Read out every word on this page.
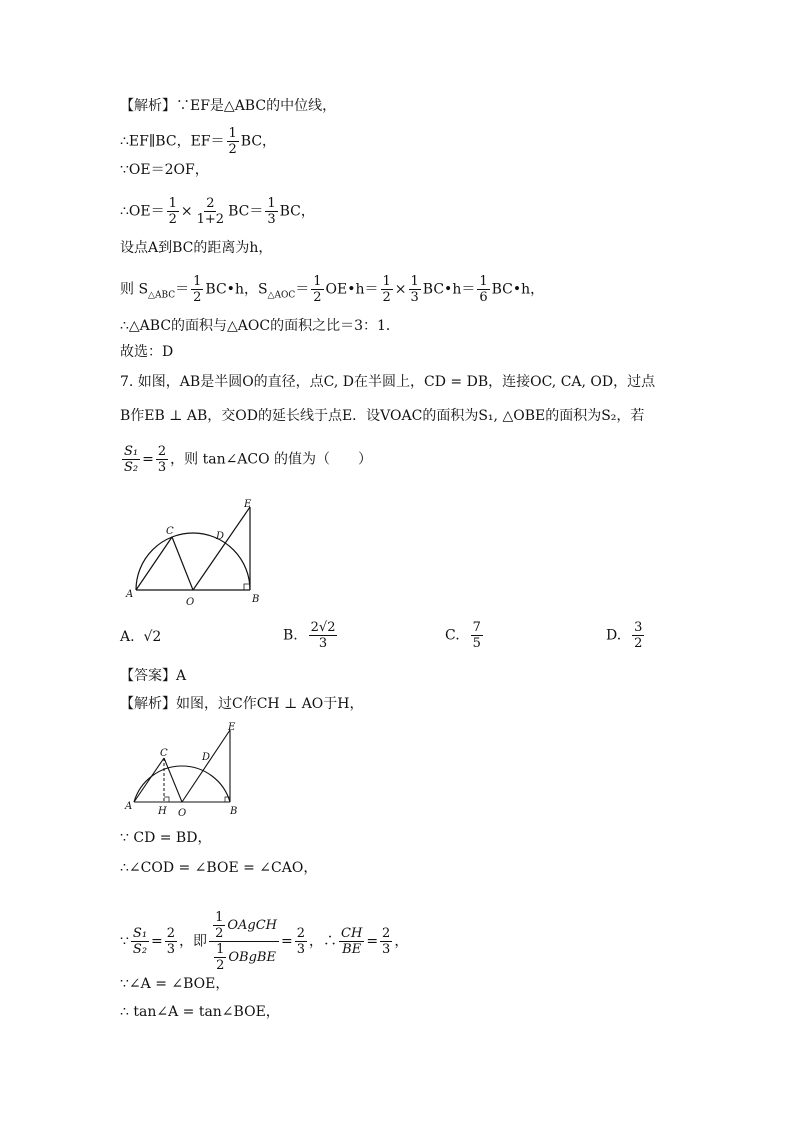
【解析】∵EF是△ABC的中位线，
∴EF∥BC，$EF= \frac{1}{2}$ BC，
∵OE＝2OF，
∴OE＝ $\frac{1}{2} \times \frac{2}{1+2} BC= \frac{1}{3}$ BC，
设点A到BC的距离为h，
则 $S_{\triangle ABC}= \frac{1}{2}$ BC•h，$S_{\triangle AOC}= \frac{1}{2}$ OE•h＝ $\frac{1}{2} \times \frac{1}{3}$ BC•h＝ $\frac{1}{6}$ BC•h，
∴△ABC的面积与△AOC的面积之比＝3：1．
故选：D
7. 如图，AB是半圆O的直径，点C, D在半圆上，CD = DB，连接OC, CA, OD，过点
B作EB ⊥ AB，交OD的延长线于点E．设VOAC的面积为S₁, △OBE的面积为S₂，若
$\frac{\text{S₁}}{\text{S₂}} = \frac{2}{3}$ ，则 tan∠ACO 的值为（　　）
A	B
C	D
E
O
A. √2	B. $\frac{2√2}{3}$	C. $\frac{7}{5}$	D. $\frac{3}{2}$
【答案】A
【解析】如图，过C作CH ⊥ AO于H，
A	B
C	D
E
O
H
∵ CD = BD，
∴∠COD = ∠BOE = ∠CAO，
∵ $\frac{\text{S₁}}{\text{S₂}} = \frac{2}{3}$ ，即 $\frac{\frac{1}{2} OAgCH}{\frac{1}{2} OBgBE} = \frac{2}{3}$ ，∴ $\frac{CH}{BE} = \frac{2}{3}$ ，
∵∠A = ∠BOE，
∴ tan∠A = tan∠BOE，
